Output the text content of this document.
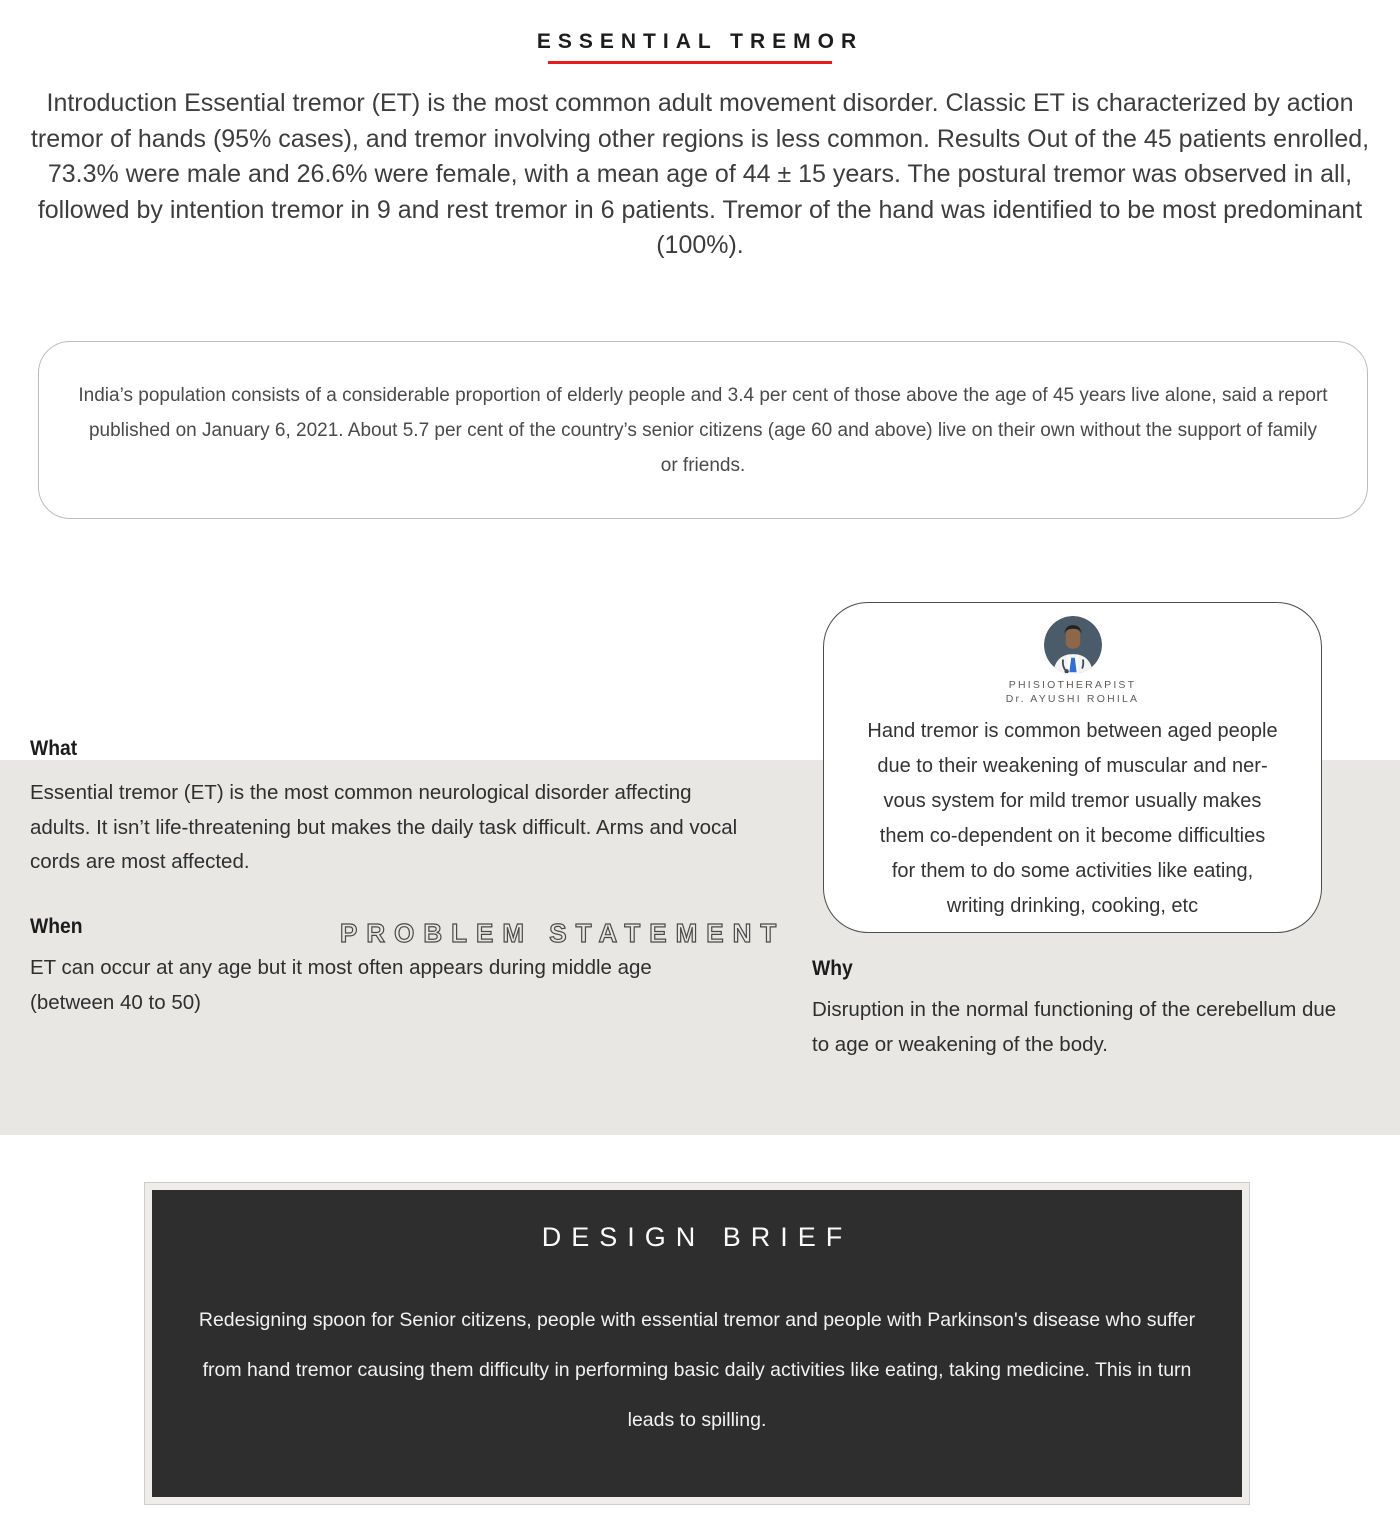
ESSENTIAL TREMOR
Introduction Essential tremor (ET) is the most common adult movement disorder. Classic ET is characterized by action tremor of hands (95% cases), and tremor involving other regions is less common. Results Out of the 45 patients enrolled, 73.3% were male and 26.6% were female, with a mean age of 44 ± 15 years. The postural tremor was observed in all, followed by intention tremor in 9 and rest tremor in 6 patients. Tremor of the hand was identified to be most predominant (100%).
India’s population consists of a considerable proportion of elderly people and 3.4 per cent of those above the age of 45 years live alone, said a report published on January 6, 2021. About 5.7 per cent of the country’s senior citizens (age 60 and above) live on their own without the support of family or friends.
What
Essential tremor (ET) is the most common neurological disorder affecting adults. It isn’t life-threatening but makes the daily task difficult. Arms and vocal cords are most affected.
When
ET can occur at any age but it most often appears during middle age (between 40 to 50)
PROBLEM STATEMENT
PHISIOTHERAPIST
Dr. AYUSHI ROHILA
Hand tremor is common between aged people
due to their weakening of muscular and ner-
vous system for mild tremor usually makes
them co-dependent on it become difficulties
for them to do some activities like eating,
writing drinking, cooking, etc
Why
Disruption in the normal functioning of the cerebellum due to age or weakening of the body.
DESIGN BRIEF
Redesigning spoon for Senior citizens, people with essential tremor and people with Parkinson's disease who suffer from hand tremor causing them difficulty in performing basic daily activities like eating, taking medicine. This in turn leads to spilling.
